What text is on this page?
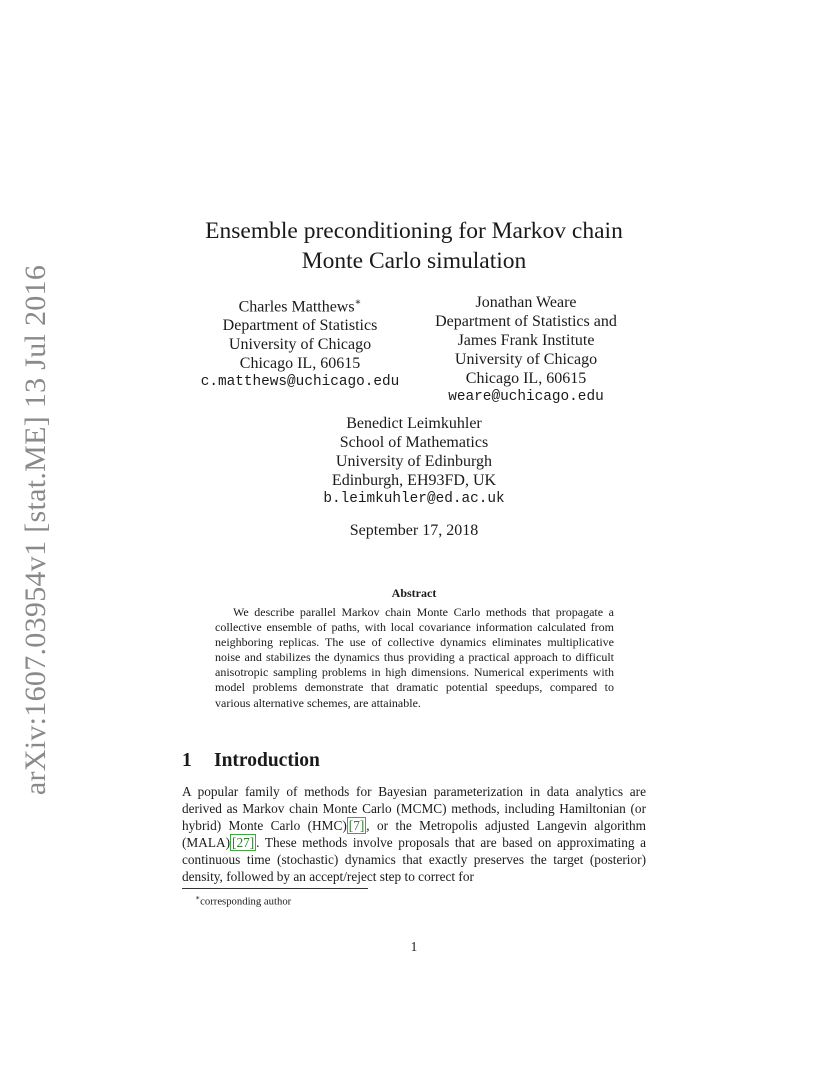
arXiv:1607.03954v1 [stat.ME] 13 Jul 2016
Ensemble preconditioning for Markov chain
Monte Carlo simulation
Charles Matthews∗
Department of Statistics
University of Chicago
Chicago IL, 60615
c.matthews@uchicago.edu
Jonathan Weare
Department of Statistics and
James Frank Institute
University of Chicago
Chicago IL, 60615
weare@uchicago.edu
Benedict Leimkuhler
School of Mathematics
University of Edinburgh
Edinburgh, EH93FD, UK
b.leimkuhler@ed.ac.uk
September 17, 2018
Abstract
We describe parallel Markov chain Monte Carlo methods that propagate a collective ensemble of paths, with local covariance information calculated from neighboring replicas. The use of collective dynamics eliminates multiplicative noise and stabilizes the dynamics thus providing a practical approach to difficult anisotropic sampling problems in high dimensions. Numerical experiments with model problems demonstrate that dramatic potential speedups, compared to various alternative schemes, are attainable.
1 Introduction
A popular family of methods for Bayesian parameterization in data analytics are derived as Markov chain Monte Carlo (MCMC) methods, including Hamiltonian (or hybrid) Monte Carlo (HMC) [7] , or the Metropolis adjusted Langevin algorithm (MALA) [27] . These methods involve proposals that are based on approximating a continuous time (stochastic) dynamics that exactly preserves the target (posterior) density, followed by an accept/reject step to correct for
∗corresponding author
1
